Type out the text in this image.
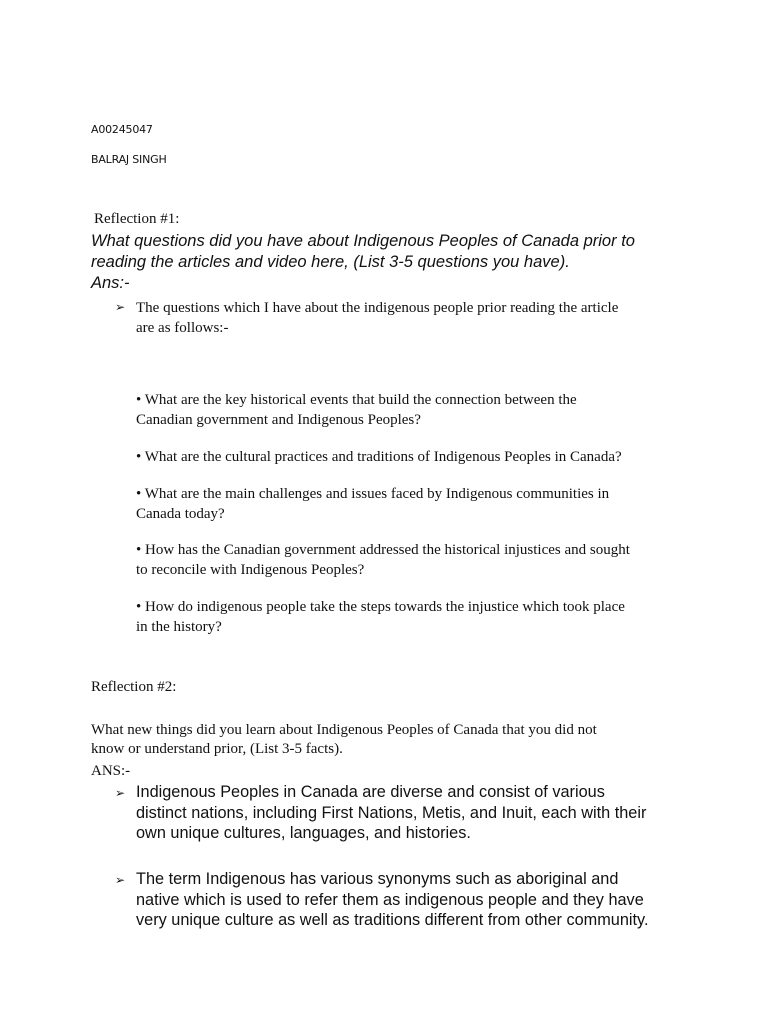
A00245047
BALRAJ SINGH
Reflection #1:
What questions did you have about Indigenous Peoples of Canada prior to
reading the articles and video here, (List 3-5 questions you have).
Ans:-
➢ The questions which I have about the indigenous people prior reading the article
are as follows:-
• What are the key historical events that build the connection between the
Canadian government and Indigenous Peoples?
• What are the cultural practices and traditions of Indigenous Peoples in Canada?
• What are the main challenges and issues faced by Indigenous communities in
Canada today?
• How has the Canadian government addressed the historical injustices and sought
to reconcile with Indigenous Peoples?
• How do indigenous people take the steps towards the injustice which took place
in the history?
Reflection #2:
What new things did you learn about Indigenous Peoples of Canada that you did not
know or understand prior, (List 3-5 facts).
ANS:-
➢ Indigenous Peoples in Canada are diverse and consist of various
distinct nations, including First Nations, Metis, and Inuit, each with their
own unique cultures, languages, and histories.
➢ The term Indigenous has various synonyms such as aboriginal and
native which is used to refer them as indigenous people and they have
very unique culture as well as traditions different from other community.
